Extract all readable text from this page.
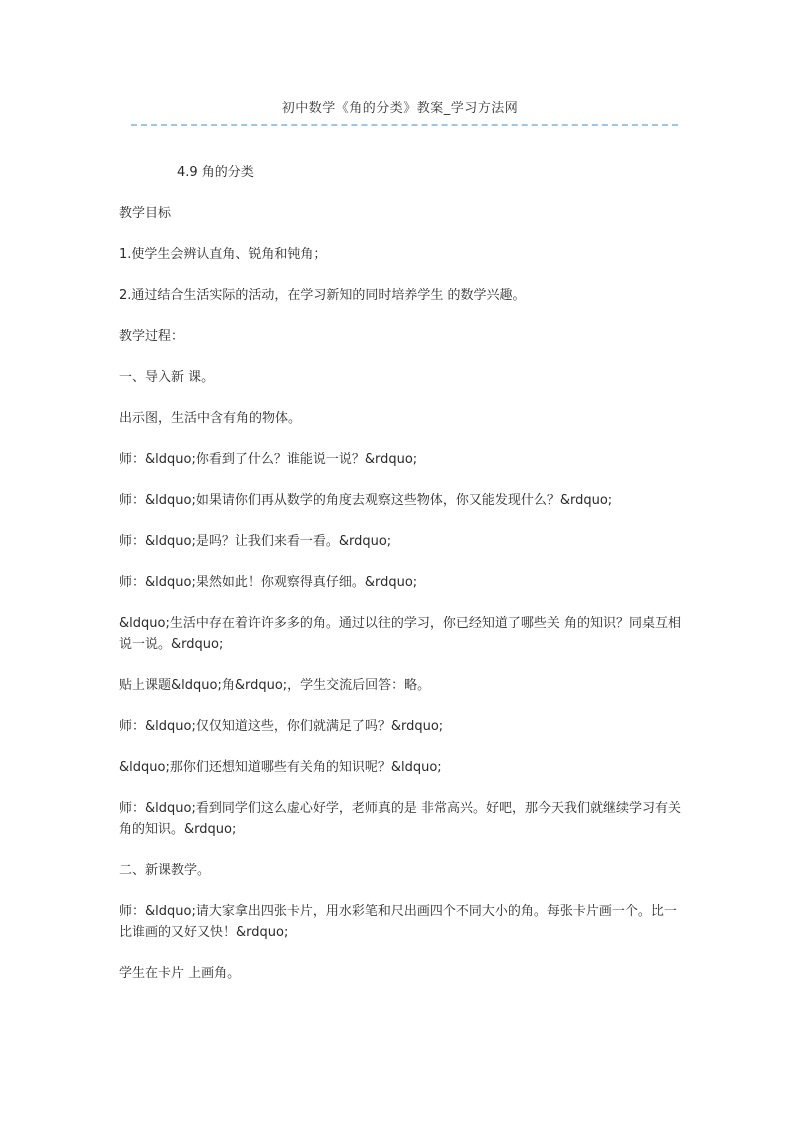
初中数学《角的分类》教案_学习方法网

4.9 角的分类

教学目标

1.使学生会辨认直角、锐角和钝角；

2.通过结合生活实际的活动，在学习新知的同时培养学生 的数学兴趣。

教学过程：

一、导入新 课。

出示图，生活中含有角的物体。

师：&ldquo;你看到了什么？谁能说一说？&rdquo;

师：&ldquo;如果请你们再从数学的角度去观察这些物体，你又能发现什么？&rdquo;

师：&ldquo;是吗？让我们来看一看。&rdquo;

师：&ldquo;果然如此！你观察得真仔细。&rdquo;

&ldquo;生活中存在着许许多多的角。通过以往的学习，你已经知道了哪些关 角的知识？同桌互相说一说。&rdquo;

贴上课题&ldquo;角&rdquo;，学生交流后回答：略。

师：&ldquo;仅仅知道这些，你们就满足了吗？&rdquo;

&ldquo;那你们还想知道哪些有关角的知识呢？&ldquo;

师：&ldquo;看到同学们这么虚心好学，老师真的是 非常高兴。好吧，那今天我们就继续学习有关角的知识。&rdquo;

二、新课教学。

师：&ldquo;请大家拿出四张卡片，用水彩笔和尺出画四个不同大小的角。每张卡片画一个。比一比谁画的又好又快！&rdquo;

学生在卡片 上画角。
